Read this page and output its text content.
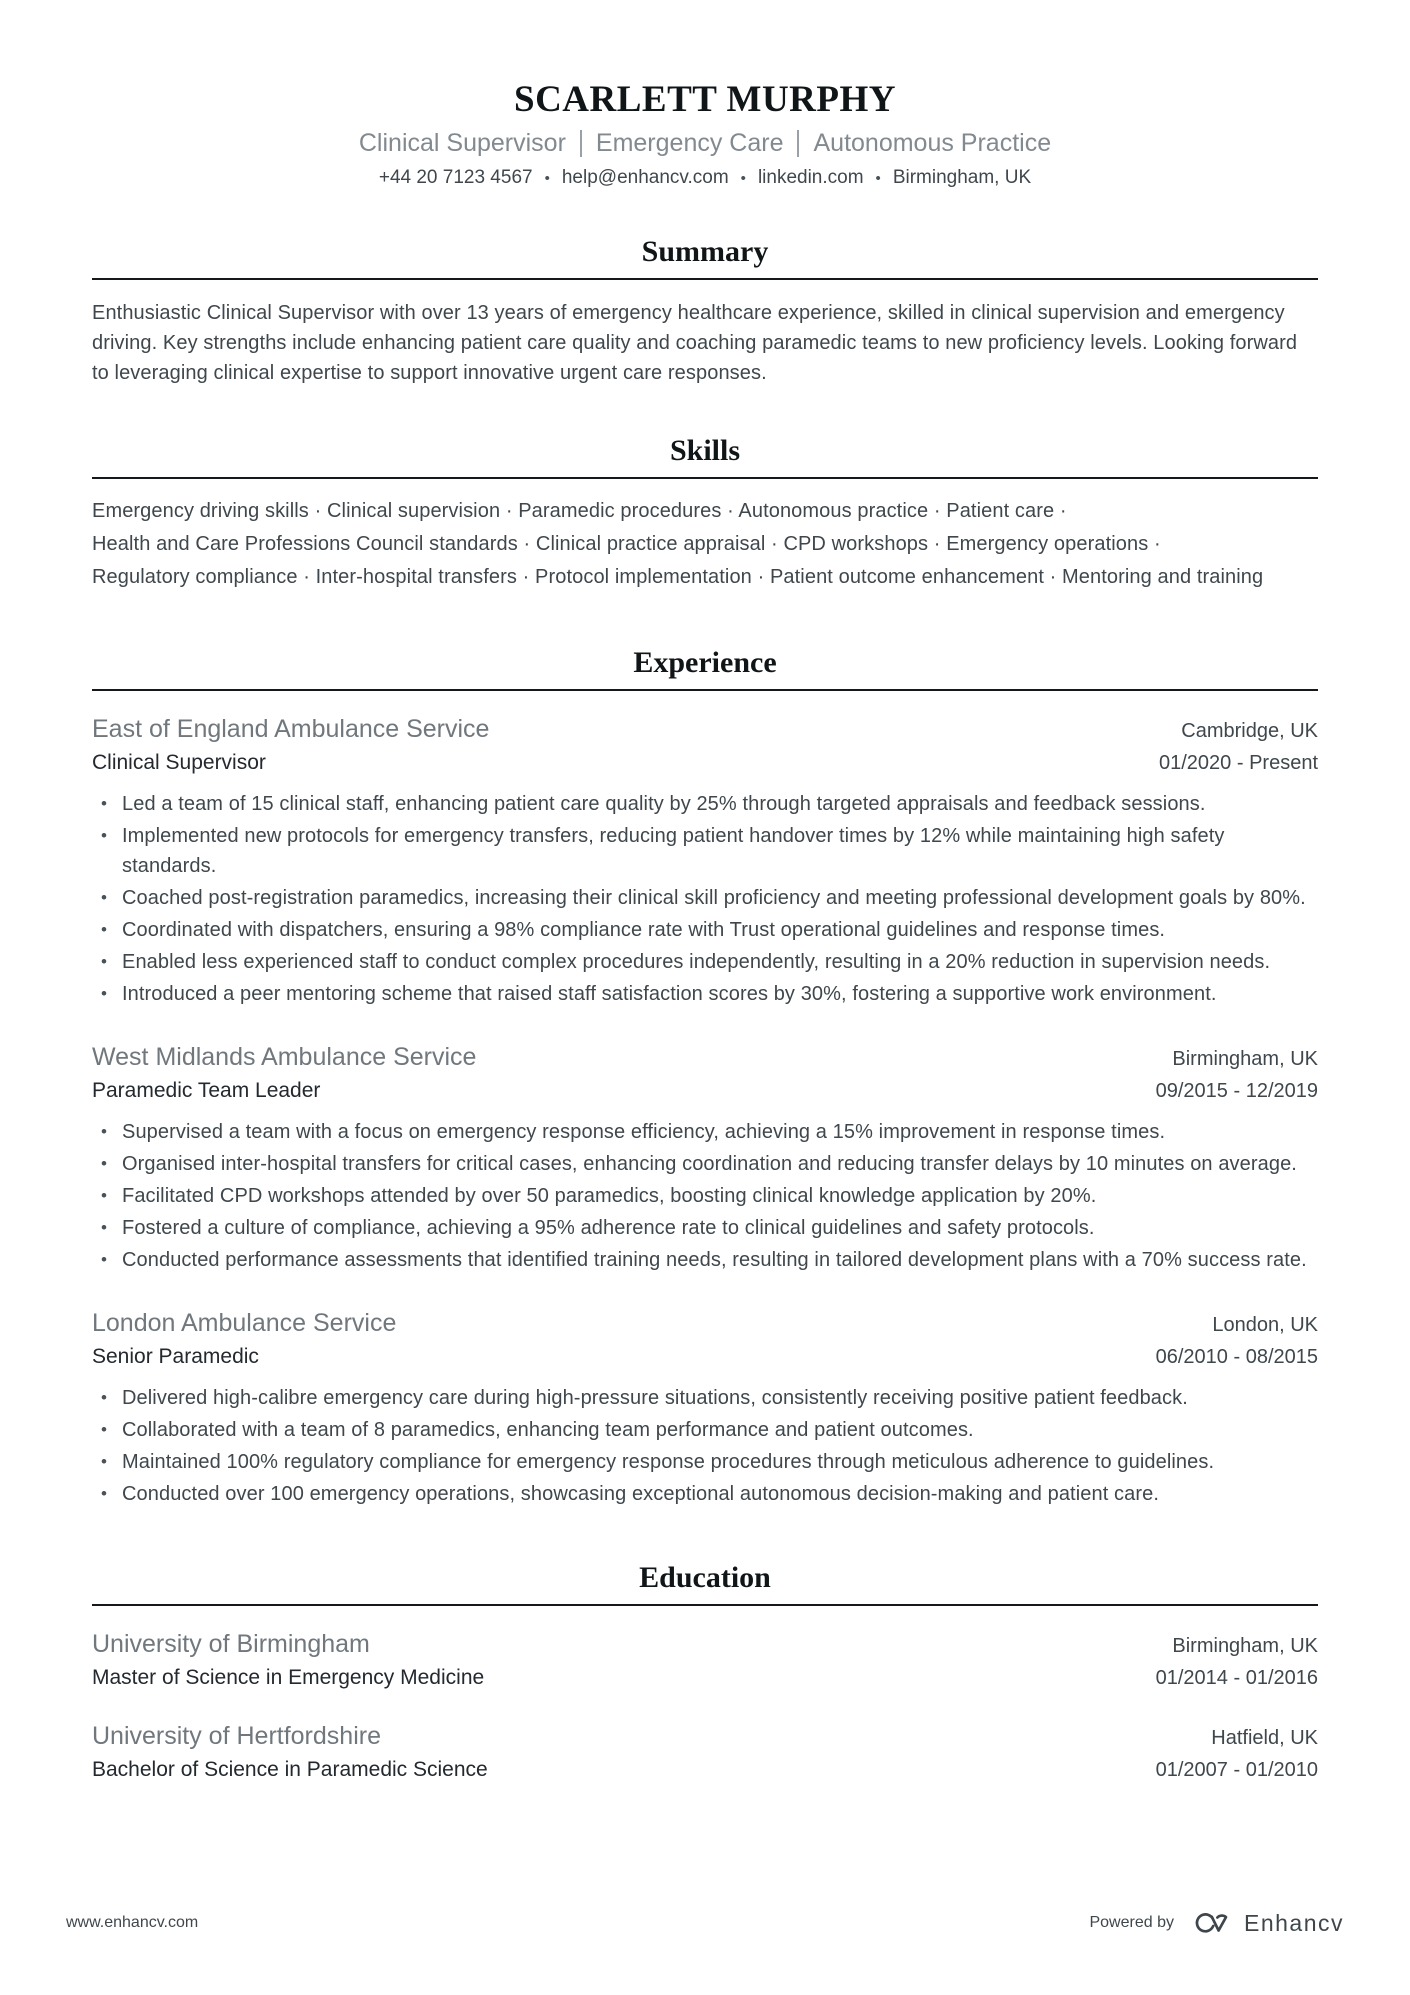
SCARLETT MURPHY
Clinical Supervisor Emergency Care Autonomous Practice
+44 20 7123 4567 • help@enhancv.com • linkedin.com • Birmingham, UK
Summary

Enthusiastic Clinical Supervisor with over 13 years of emergency healthcare experience, skilled in clinical supervision and emergency driving. Key strengths include enhancing patient care quality and coaching paramedic teams to new proficiency levels. Looking forward to leveraging clinical expertise to support innovative urgent care responses.

Skills
Emergency driving skills · Clinical supervision · Paramedic procedures · Autonomous practice · Patient care ·
Health and Care Professions Council standards · Clinical practice appraisal · CPD workshops · Emergency operations ·
Regulatory compliance · Inter-hospital transfers · Protocol implementation · Patient outcome enhancement · Mentoring and training
Experience
East of England Ambulance Service	Cambridge, UK
Clinical Supervisor	01/2020 - Present
• Led a team of 15 clinical staff, enhancing patient care quality by 25% through targeted appraisals and feedback sessions.
• Implemented new protocols for emergency transfers, reducing patient handover times by 12% while maintaining high safety standards.
• Coached post-registration paramedics, increasing their clinical skill proficiency and meeting professional development goals by 80%.
• Coordinated with dispatchers, ensuring a 98% compliance rate with Trust operational guidelines and response times.
• Enabled less experienced staff to conduct complex procedures independently, resulting in a 20% reduction in supervision needs.
• Introduced a peer mentoring scheme that raised staff satisfaction scores by 30%, fostering a supportive work environment.
West Midlands Ambulance Service	Birmingham, UK
Paramedic Team Leader	09/2015 - 12/2019
• Supervised a team with a focus on emergency response efficiency, achieving a 15% improvement in response times.
• Organised inter-hospital transfers for critical cases, enhancing coordination and reducing transfer delays by 10 minutes on average.
• Facilitated CPD workshops attended by over 50 paramedics, boosting clinical knowledge application by 20%.
• Fostered a culture of compliance, achieving a 95% adherence rate to clinical guidelines and safety protocols.
• Conducted performance assessments that identified training needs, resulting in tailored development plans with a 70% success rate.
London Ambulance Service	London, UK
Senior Paramedic	06/2010 - 08/2015
• Delivered high-calibre emergency care during high-pressure situations, consistently receiving positive patient feedback.
• Collaborated with a team of 8 paramedics, enhancing team performance and patient outcomes.
• Maintained 100% regulatory compliance for emergency response procedures through meticulous adherence to guidelines.
• Conducted over 100 emergency operations, showcasing exceptional autonomous decision-making and patient care.
Education
University of Birmingham	Birmingham, UK
Master of Science in Emergency Medicine	01/2014 - 01/2016
University of Hertfordshire	Hatfield, UK
Bachelor of Science in Paramedic Science	01/2007 - 01/2010
www.enhancv.com	Powered by	Enhancv
